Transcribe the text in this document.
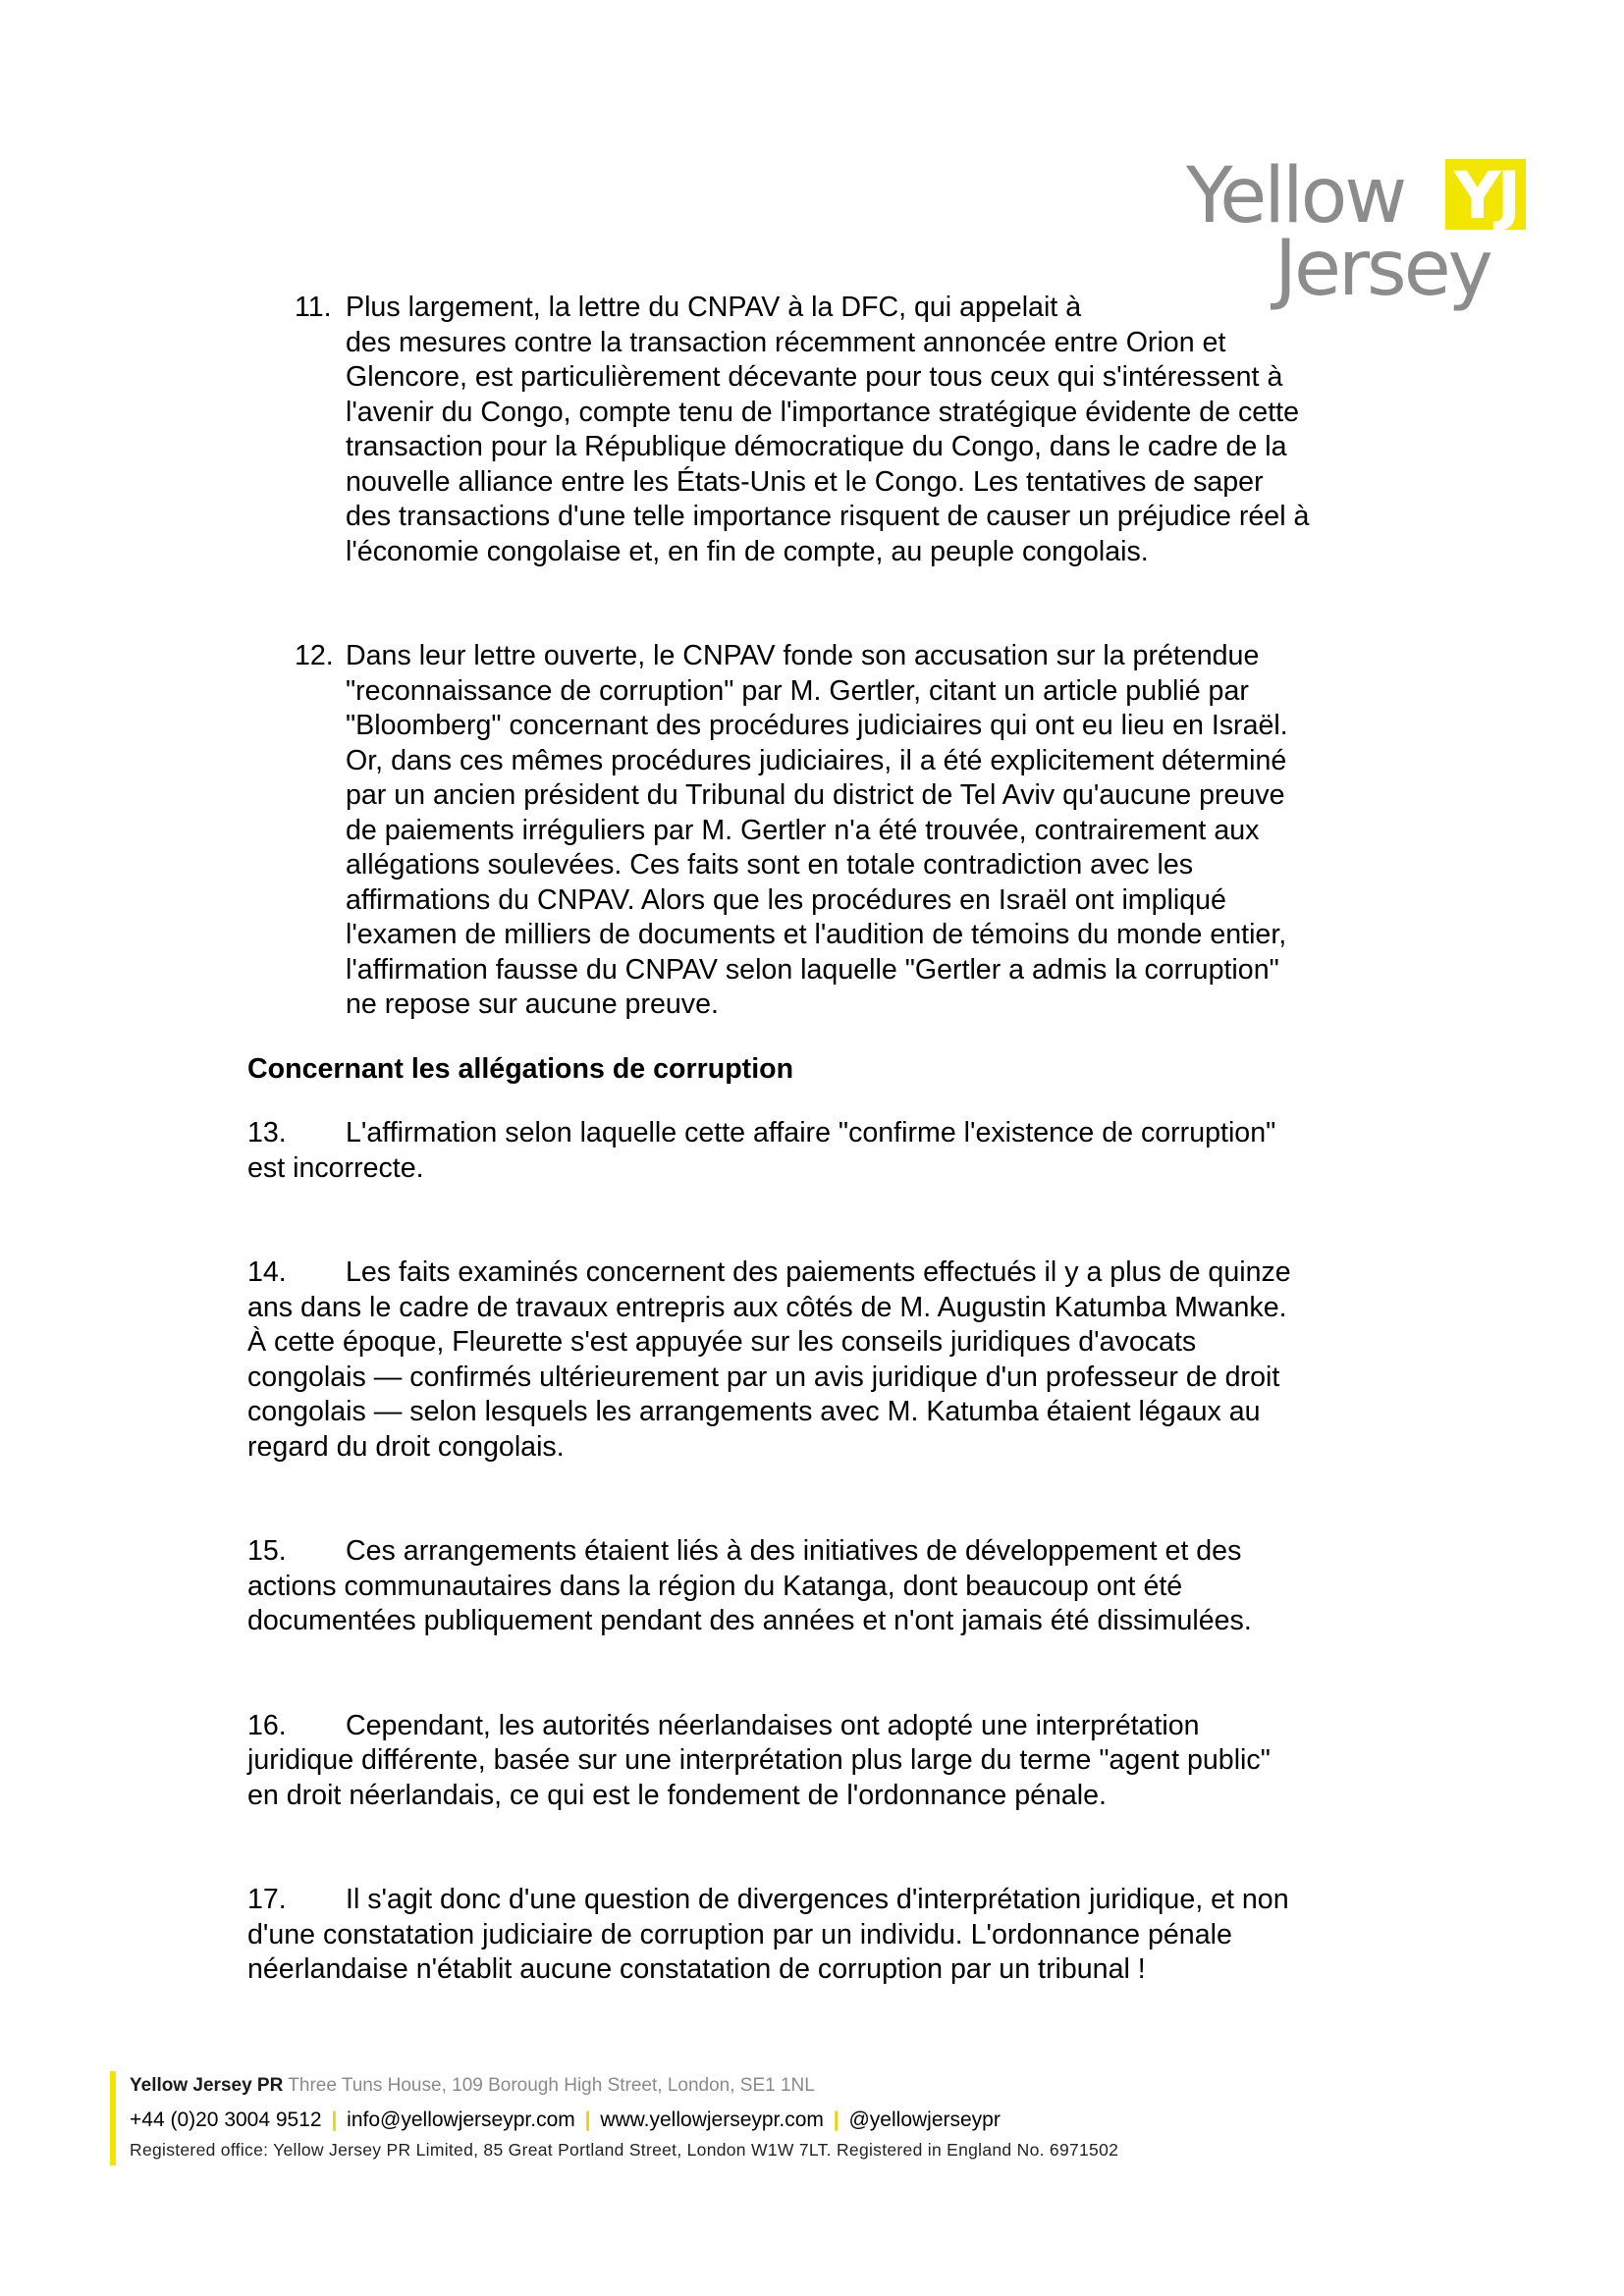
Yellow YJ
Jersey
11. Plus largement, la lettre du CNPAV à la DFC, qui appelait à
des mesures contre la transaction récemment annoncée entre Orion et
Glencore, est particulièrement décevante pour tous ceux qui s'intéressent à
l'avenir du Congo, compte tenu de l'importance stratégique évidente de cette
transaction pour la République démocratique du Congo, dans le cadre de la
nouvelle alliance entre les États-Unis et le Congo. Les tentatives de saper
des transactions d'une telle importance risquent de causer un préjudice réel à
l'économie congolaise et, en fin de compte, au peuple congolais.
12. Dans leur lettre ouverte, le CNPAV fonde son accusation sur la prétendue
"reconnaissance de corruption" par M. Gertler, citant un article publié par
"Bloomberg" concernant des procédures judiciaires qui ont eu lieu en Israël.
Or, dans ces mêmes procédures judiciaires, il a été explicitement déterminé
par un ancien président du Tribunal du district de Tel Aviv qu'aucune preuve
de paiements irréguliers par M. Gertler n'a été trouvée, contrairement aux
allégations soulevées. Ces faits sont en totale contradiction avec les
affirmations du CNPAV. Alors que les procédures en Israël ont impliqué
l'examen de milliers de documents et l'audition de témoins du monde entier,
l'affirmation fausse du CNPAV selon laquelle "Gertler a admis la corruption"
ne repose sur aucune preuve.
Concernant les allégations de corruption
13. L'affirmation selon laquelle cette affaire "confirme l'existence de corruption"
est incorrecte.
14. Les faits examinés concernent des paiements effectués il y a plus de quinze
ans dans le cadre de travaux entrepris aux côtés de M. Augustin Katumba Mwanke.
À cette époque, Fleurette s'est appuyée sur les conseils juridiques d'avocats
congolais — confirmés ultérieurement par un avis juridique d'un professeur de droit
congolais — selon lesquels les arrangements avec M. Katumba étaient légaux au
regard du droit congolais.
15. Ces arrangements étaient liés à des initiatives de développement et des
actions communautaires dans la région du Katanga, dont beaucoup ont été
documentées publiquement pendant des années et n'ont jamais été dissimulées.
16. Cependant, les autorités néerlandaises ont adopté une interprétation
juridique différente, basée sur une interprétation plus large du terme "agent public"
en droit néerlandais, ce qui est le fondement de l'ordonnance pénale.
17. Il s'agit donc d'une question de divergences d'interprétation juridique, et non
d'une constatation judiciaire de corruption par un individu. L'ordonnance pénale
néerlandaise n'établit aucune constatation de corruption par un tribunal !
Yellow Jersey PR Three Tuns House, 109 Borough High Street, London, SE1 1NL
+44 (0)20 3004 9512 | info@yellowjerseypr.com | www.yellowjerseypr.com | @yellowjerseypr
Registered office: Yellow Jersey PR Limited, 85 Great Portland Street, London W1W 7LT. Registered in England No. 6971502
